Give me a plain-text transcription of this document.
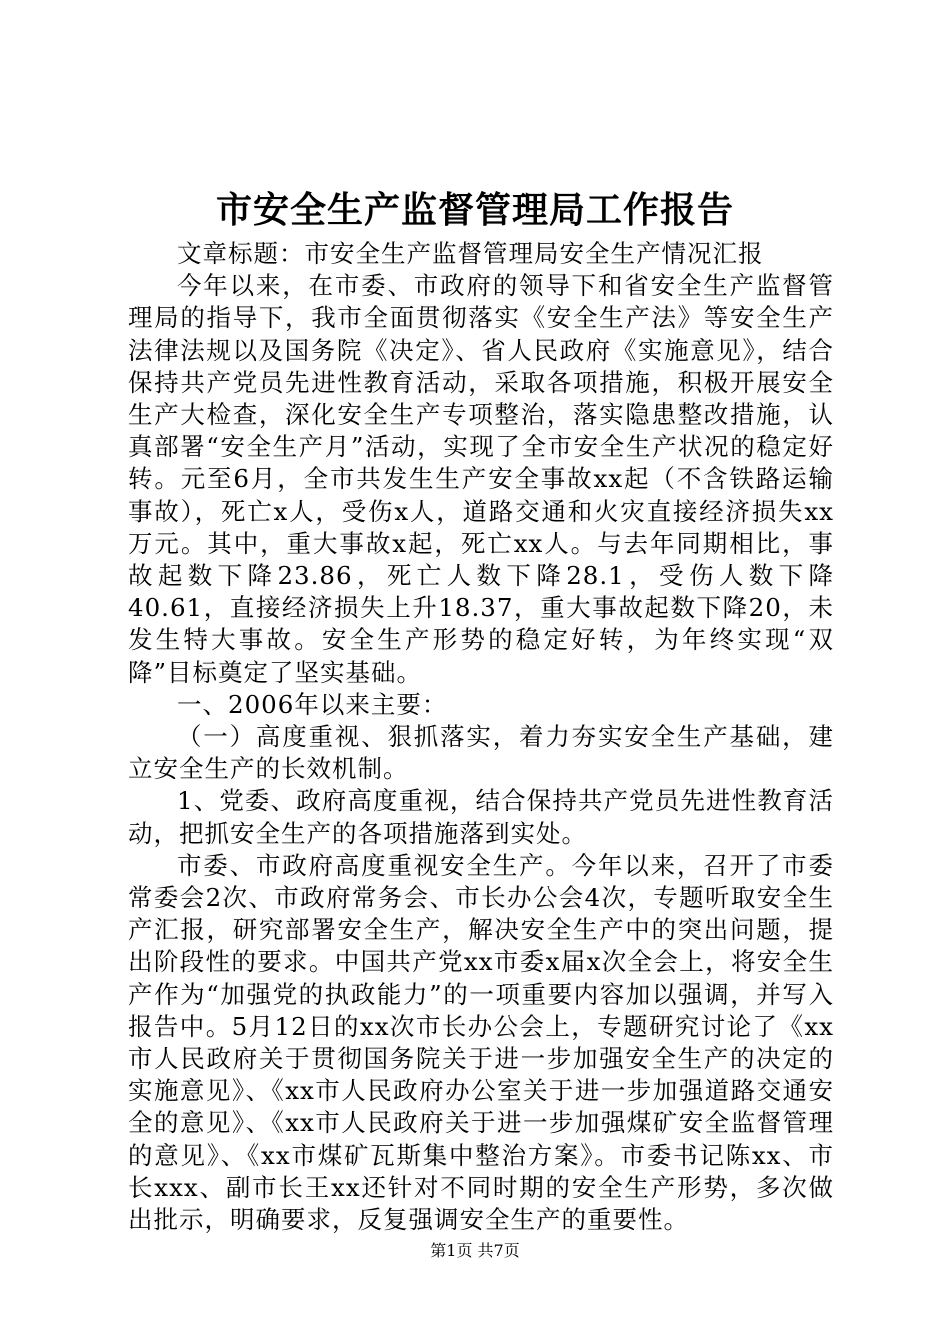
市安全生产监督管理局工作报告

文章标题：市安全生产监督管理局安全生产情况汇报

今年以来，在市委、市政府的领导下和省安全生产监督管理局的指导下，我市全面贯彻落实《安全生产法》等安全生产法律法规以及国务院《决定》、省人民政府《实施意见》，结合保持共产党员先进性教育活动，采取各项措施，积极开展安全生产大检查，深化安全生产专项整治，落实隐患整改措施，认真部署“安全生产月”活动，实现了全市安全生产状况的稳定好转。元至6月，全市共发生生产安全事故xx起（不含铁路运输事故），死亡x人，受伤x人，道路交通和火灾直接经济损失xx万元。其中，重大事故x起，死亡xx人。与去年同期相比，事故起数下降23.86，死亡人数下降28.1，受伤人数下降40.61，直接经济损失上升18.37，重大事故起数下降20，未发生特大事故。安全生产形势的稳定好转，为年终实现“双降”目标奠定了坚实基础。

一、2006年以来主要：

（一）高度重视、狠抓落实，着力夯实安全生产基础，建立安全生产的长效机制。

1、党委、政府高度重视，结合保持共产党员先进性教育活动，把抓安全生产的各项措施落到实处。

市委、市政府高度重视安全生产。今年以来，召开了市委常委会2次、市政府常务会、市长办公会4次，专题听取安全生产汇报，研究部署安全生产，解决安全生产中的突出问题，提出阶段性的要求。中国共产党xx市委x届x次全会上，将安全生产作为“加强党的执政能力”的一项重要内容加以强调，并写入报告中。5月12日的xx次市长办公会上，专题研究讨论了《xx市人民政府关于贯彻国务院关于进一步加强安全生产的决定的实施意见》、《xx市人民政府办公室关于进一步加强道路交通安全的意见》、《xx市人民政府关于进一步加强煤矿安全监督管理的意见》、《xx市煤矿瓦斯集中整治方案》。市委书记陈xx、市长xxx、副市长王xx还针对不同时期的安全生产形势，多次做出批示，明确要求，反复强调安全生产的重要性。

第1页 共7页
